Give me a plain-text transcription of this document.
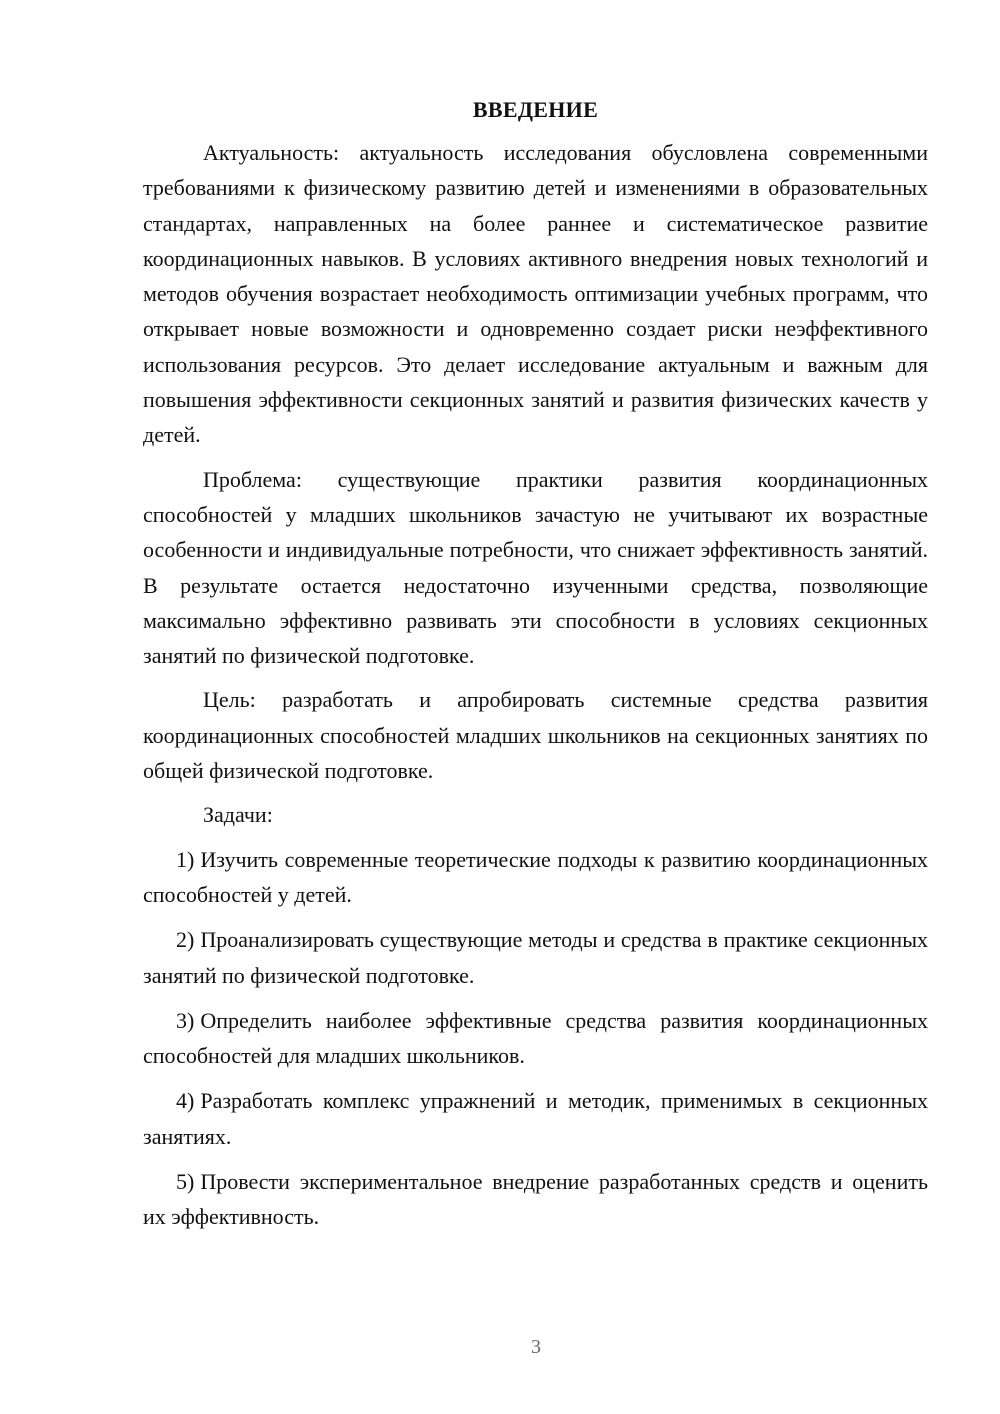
ВВЕДЕНИЕ

Актуальность: актуальность исследования обусловлена современными требованиями к физическому развитию детей и изменениями в образовательных стандартах, направленных на более раннее и систематическое развитие координационных навыков. В условиях активного внедрения новых технологий и методов обучения возрастает необходимость оптимизации учебных программ, что открывает новые возможности и одновременно создает риски неэффективного использования ресурсов. Это делает исследование актуальным и важным для повышения эффективности секционных занятий и развития физических качеств у детей.

Проблема: существующие практики развития координационных способностей у младших школьников зачастую не учитывают их возрастные особенности и индивидуальные потребности, что снижает эффективность занятий. В результате остается недостаточно изученными средства, позволяющие максимально эффективно развивать эти способности в условиях секционных занятий по физической подготовке.

Цель: разработать и апробировать системные средства развития координационных способностей младших школьников на секционных занятиях по общей физической подготовке.

Задачи:

1) Изучить современные теоретические подходы к развитию координационных способностей у детей.

2) Проанализировать существующие методы и средства в практике секционных занятий по физической подготовке.

3) Определить наиболее эффективные средства развития координационных способностей для младших школьников.

4) Разработать комплекс упражнений и методик, применимых в секционных занятиях.

5) Провести экспериментальное внедрение разработанных средств и оценить их эффективность.

3
